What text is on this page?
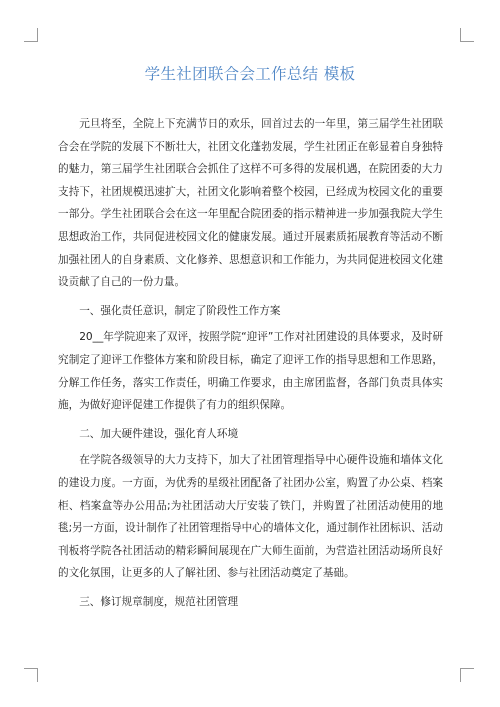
学生社团联合会工作总结 模板

元旦将至，全院上下充满节日的欢乐，回首过去的一年里，第三届学生社团联合会在学院的发展下不断壮大，社团文化蓬勃发展，学生社团正在彰显着自身独特的魅力，第三届学生社团联合会抓住了这样不可多得的发展机遇，在院团委的大力支持下，社团规模迅速扩大，社团文化影响着整个校园，已经成为校园文化的重要一部分。学生社团联合会在这一年里配合院团委的指示精神进一步加强我院大学生思想政治工作，共同促进校园文化的健康发展。通过开展素质拓展教育等活动不断加强社团人的自身素质、文化修养、思想意识和工作能力，为共同促进校园文化建设贡献了自己的一份力量。

一、强化责任意识，制定了阶段性工作方案

20__年学院迎来了双评，按照学院“迎评”工作对社团建设的具体要求，及时研究制定了迎评工作整体方案和阶段目标，确定了迎评工作的指导思想和工作思路，分解工作任务，落实工作责任，明确工作要求，由主席团监督，各部门负责具体实施，为做好迎评促建工作提供了有力的组织保障。

二、加大硬件建设，强化育人环境

在学院各级领导的大力支持下，加大了社团管理指导中心硬件设施和墙体文化的建设力度。一方面，为优秀的星级社团配备了社团办公室，购置了办公桌、档案柜、档案盒等办公用品;为社团活动大厅安装了铁门，并购置了社团活动使用的地毯;另一方面，设计制作了社团管理指导中心的墙体文化，通过制作社团标识、活动刊板将学院各社团活动的精彩瞬间展现在广大师生面前，为营造社团活动场所良好的文化氛围，让更多的人了解社团、参与社团活动奠定了基础。

三、修订规章制度，规范社团管理
